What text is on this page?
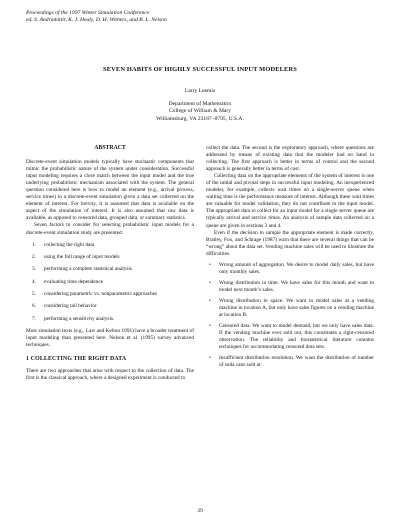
Proceedings of the 1997 Winter Simulation Conference
ed. S. Andradóttir, K. J. Healy, D. H. Withers, and B. L. Nelson
SEVEN HABITS OF HIGHLY SUCCESSFUL INPUT MODELERS
Larry Leemis
Department of Mathematics
College of William & Mary
Williamsburg, VA 23187–8795, U.S.A.
ABSTRACT

Discrete-event simulation models typically have stochastic components that mimic the probabilistic nature of the system under consideration. Successful input modeling requires a close match between the input model and the true underlying probabilistic mechanism associated with the system. The general question considered here is how to model an element (e.g., arrival process, service times) in a discrete-event simulation given a data set collected on the element of interest. For brevity, it is assumed that data is available on the aspect of the simulation of interest. It is also assumed that raw data is available, as opposed to censored data, grouped data, or summary statistics.

Seven factors to consider for selecting probabilistic input models for a discrete-event simulation study are presented:

1. collecting the right data
2. using the full range of input models
3. performing a complete statistical analysis
4. evaluating time dependence
5. considering parametric vs. nonparametric approaches
6. considering tail behavior
7. performing a sensitivity analysis.

Most simulation texts (e.g., Law and Kelton 1991) have a broader treatment of input modeling than presented here. Nelson et al. (1995) survey advanced techniques.

1 COLLECTING THE RIGHT DATA

There are two approaches that arise with respect to the collection of data. The first is the classical approach, where a designed experiment is conducted to

collect the data. The second is the exploratory approach, where questions are addressed by means of existing data that the modeler had no hand in collecting. The first approach is better in terms of control and the second approach is generally better in terms of cost.

Collecting data on the appropriate elements of the system of interest is one of the initial and pivotal steps in successful input modeling. An inexperienced modeler, for example, collects wait times on a single-server queue when waiting time is the performance measure of interest. Although these wait times are valuable for model validation, they do not contribute to the input model. The appropriate data to collect for an input model for a single server queue are typically arrival and service times. An analysis of sample data collected on a queue are given in sections 3 and 4.

Even if the decision to sample the appropriate element is made correctly, Bratley, Fox, and Schrage (1987) warn that there are several things that can be “wrong” about the data set. Vending machine sales will be used to illustrate the difficulties.

• Wrong amount of aggregation. We desire to model daily sales, but have only monthly sales.
• Wrong distribution in time. We have sales for this month and want to model next month’s sales.
• Wrong distribution in space. We want to model sales at a vending machine in location A, but only have sales figures on a vending machine at location B.
• Censored data. We want to model demand, but we only have sales data. If the vending machine ever sold out, this constitutes a right-censored observation. The reliability and biostatistical literature contains techniques for accommodating censored data sets.
• Insufficient distribution resolution. We want the distribution of number of soda cans sold at
39
